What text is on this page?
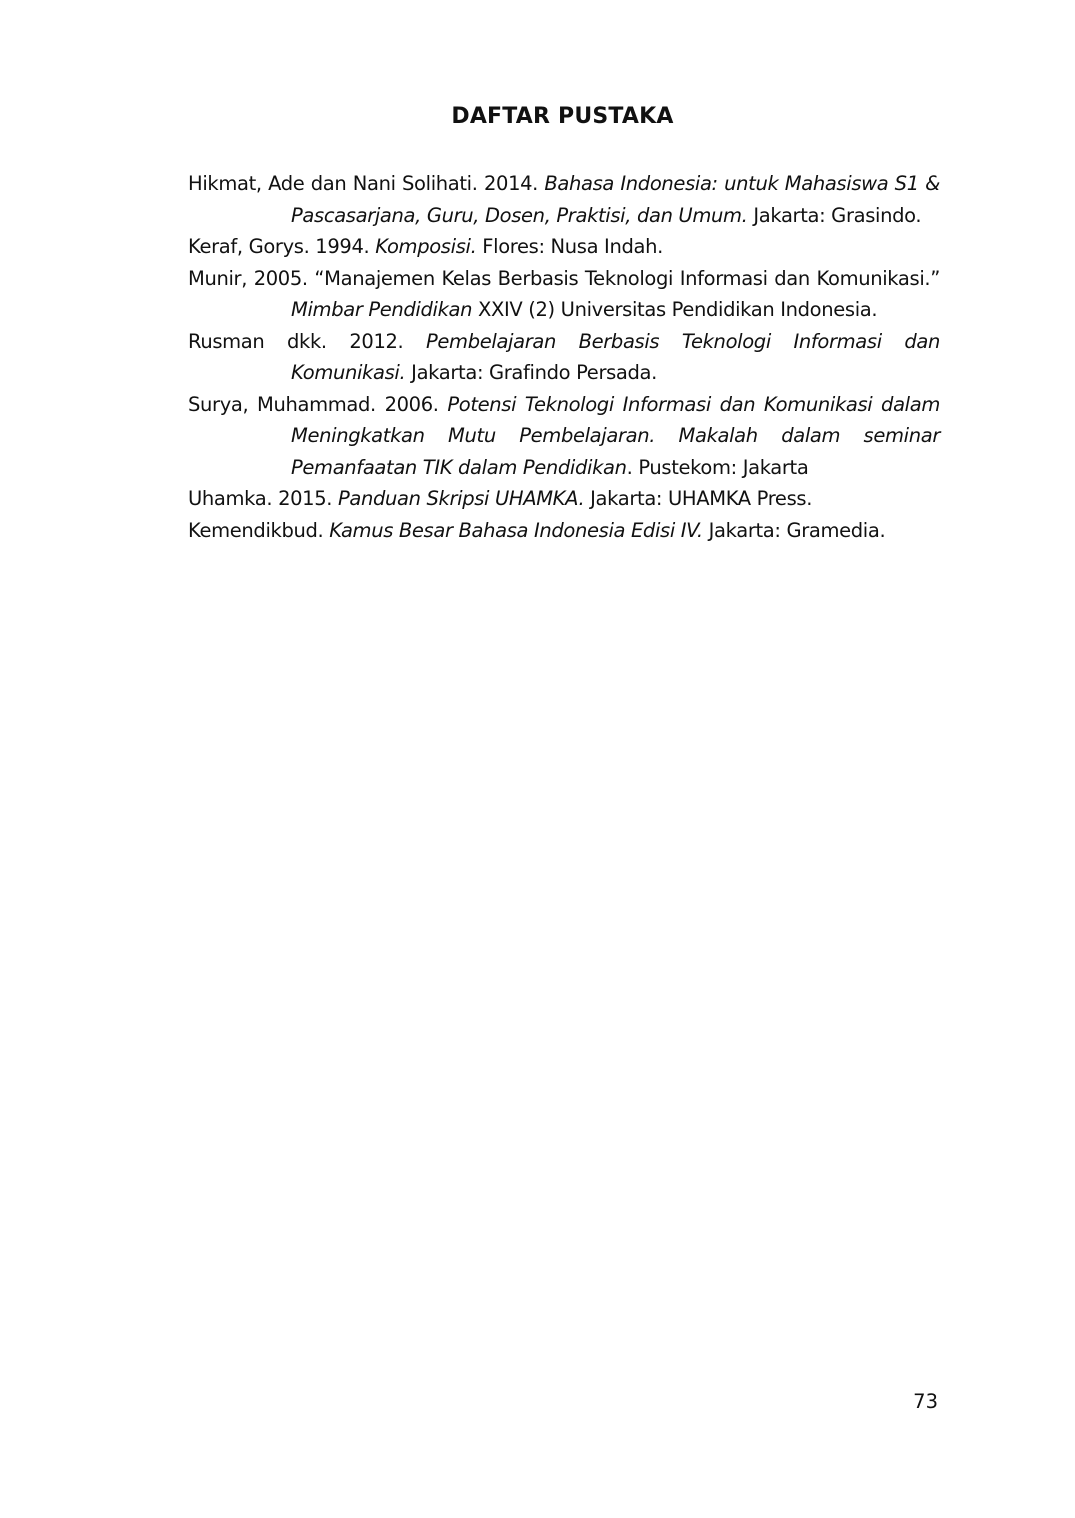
DAFTAR PUSTAKA
Hikmat, Ade dan Nani Solihati. 2014. Bahasa Indonesia: untuk Mahasiswa S1 & Pascasarjana, Guru, Dosen, Praktisi, dan Umum. Jakarta: Grasindo.
Keraf, Gorys. 1994. Komposisi. Flores: Nusa Indah.
Munir, 2005. “Manajemen Kelas Berbasis Teknologi Informasi dan Komunikasi.” Mimbar Pendidikan XXIV (2) Universitas Pendidikan Indonesia.
Rusman dkk. 2012. Pembelajaran Berbasis Teknologi Informasi dan Komunikasi. Jakarta: Grafindo Persada.
Surya, Muhammad. 2006. Potensi Teknologi Informasi dan Komunikasi dalam Meningkatkan Mutu Pembelajaran. Makalah dalam seminar Pemanfaatan TIK dalam Pendidikan. Pustekom: Jakarta
Uhamka. 2015. Panduan Skripsi UHAMKA. Jakarta: UHAMKA Press.
Kemendikbud. Kamus Besar Bahasa Indonesia Edisi IV. Jakarta: Gramedia.
73
